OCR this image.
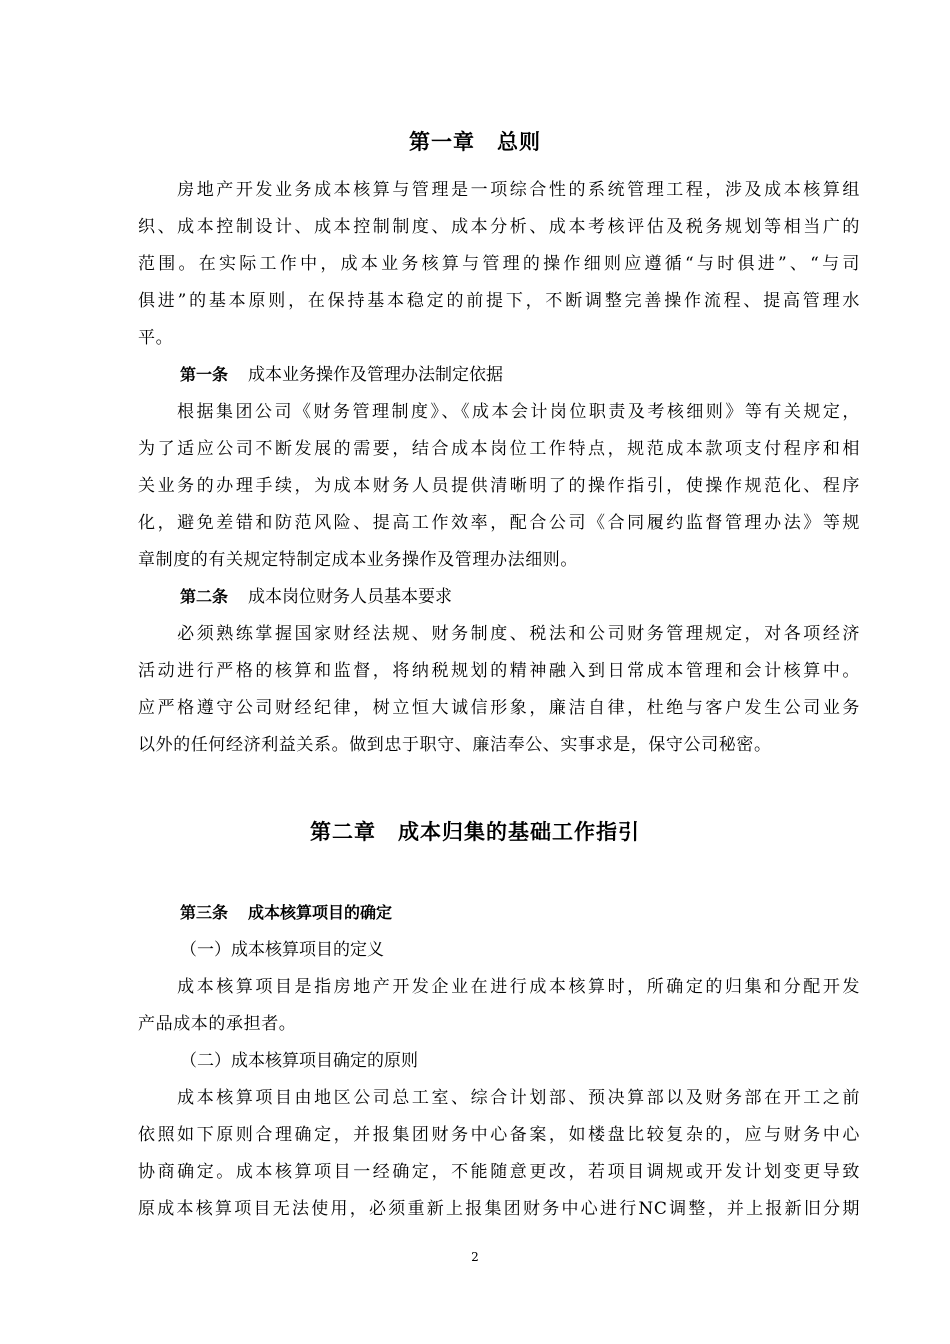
第一章　总则
　　房地产开发业务成本核算与管理是一项综合性的系统管理工程，涉及成本核算组
织、成本控制设计、成本控制制度、成本分析、成本考核评估及税务规划等相当广的
范围。在实际工作中，成本业务核算与管理的操作细则应遵循“与时俱进”、“与司
俱进”的基本原则，在保持基本稳定的前提下，不断调整完善操作流程、提高管理水
平。
第一条 成本业务操作及管理办法制定依据
　　根据集团公司《财务管理制度》、《成本会计岗位职责及考核细则》等有关规定，
为了适应公司不断发展的需要，结合成本岗位工作特点，规范成本款项支付程序和相
关业务的办理手续，为成本财务人员提供清晰明了的操作指引，使操作规范化、程序
化，避免差错和防范风险、提高工作效率，配合公司《合同履约监督管理办法》等规
章制度的有关规定特制定成本业务操作及管理办法细则。
第二条 成本岗位财务人员基本要求
　　必须熟练掌握国家财经法规、财务制度、税法和公司财务管理规定，对各项经济
活动进行严格的核算和监督，将纳税规划的精神融入到日常成本管理和会计核算中。
应严格遵守公司财经纪律，树立恒大诚信形象，廉洁自律，杜绝与客户发生公司业务
以外的任何经济利益关系。做到忠于职守、廉洁奉公、实事求是，保守公司秘密。
第二章　成本归集的基础工作指引
第三条 成本核算项目的确定
（一）成本核算项目的定义
　　成本核算项目是指房地产开发企业在进行成本核算时，所确定的归集和分配开发
产品成本的承担者。
（二）成本核算项目确定的原则
　　成本核算项目由地区公司总工室、综合计划部、预决算部以及财务部在开工之前
依照如下原则合理确定，并报集团财务中心备案，如楼盘比较复杂的，应与财务中心
协商确定。成本核算项目一经确定，不能随意更改，若项目调规或开发计划变更导致
原成本核算项目无法使用，必须重新上报集团财务中心进行NC调整，并上报新旧分期
2
